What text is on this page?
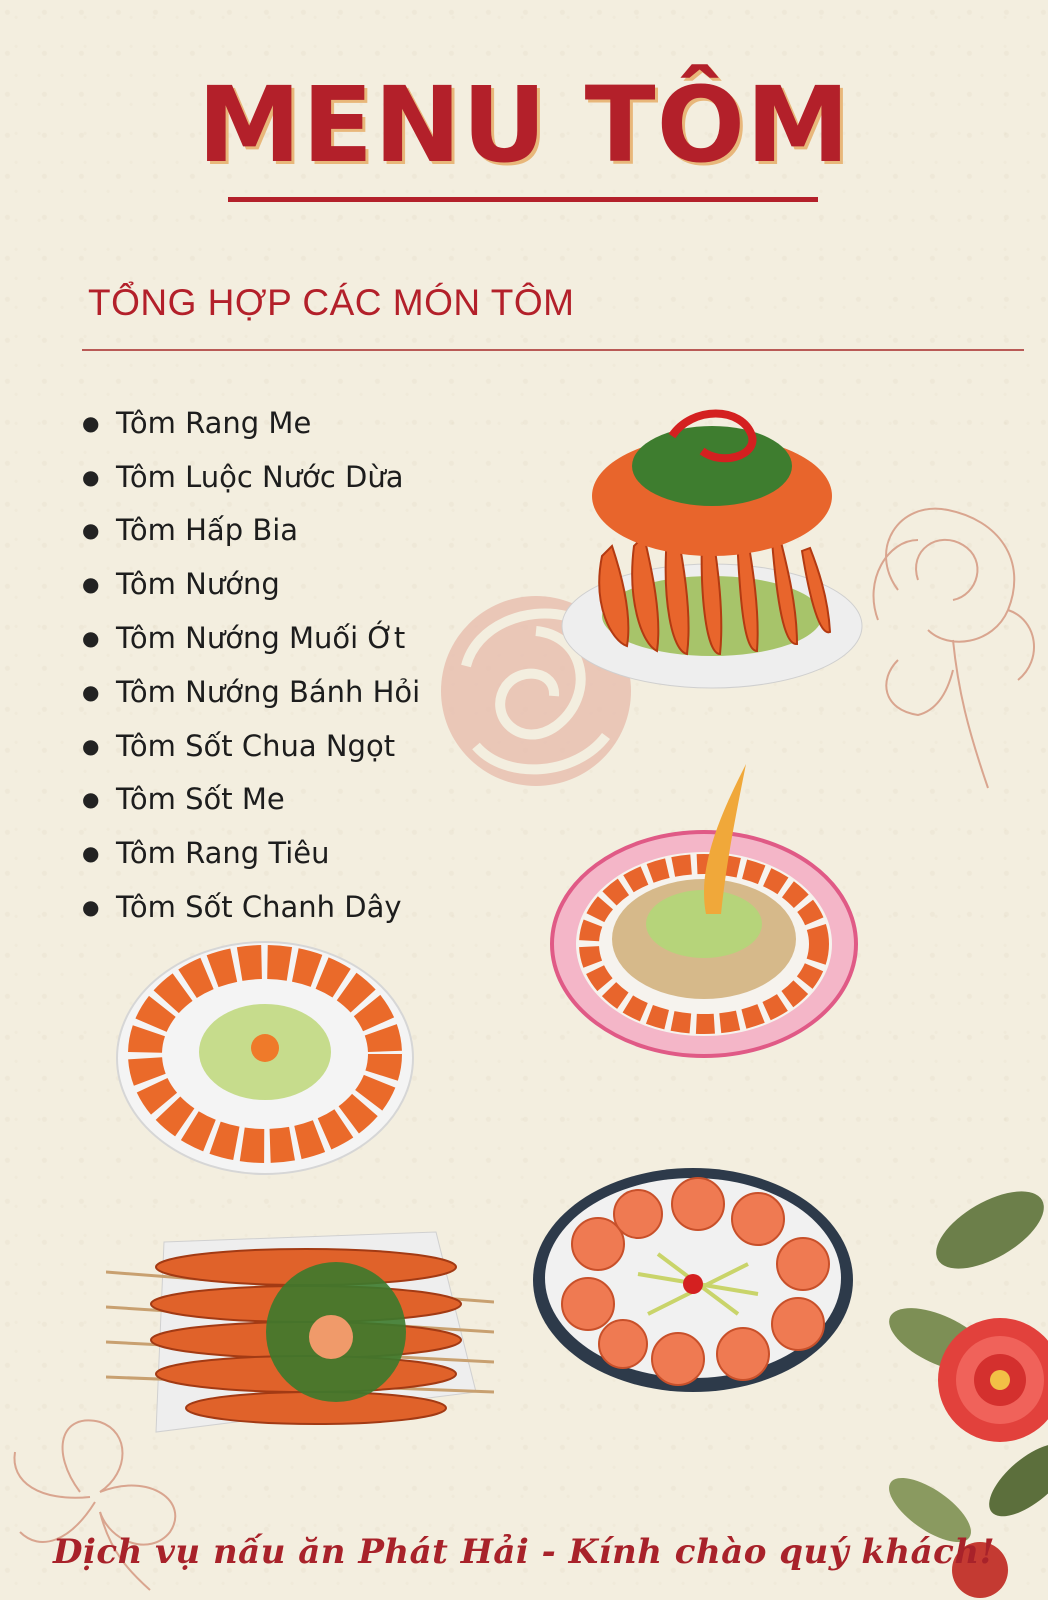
MENU TÔM
TỔNG HỢP CÁC MÓN TÔM
● Tôm Rang Me
● Tôm Luộc Nước Dừa
● Tôm Hấp Bia
● Tôm Nướng
● Tôm Nướng Muối Ớt
● Tôm Nướng Bánh Hỏi
● Tôm Sốt Chua Ngọt
● Tôm Sốt Me
● Tôm Rang Tiêu
● Tôm Sốt Chanh Dây
Dịch vụ nấu ăn Phát Hải - Kính chào quý khách!
